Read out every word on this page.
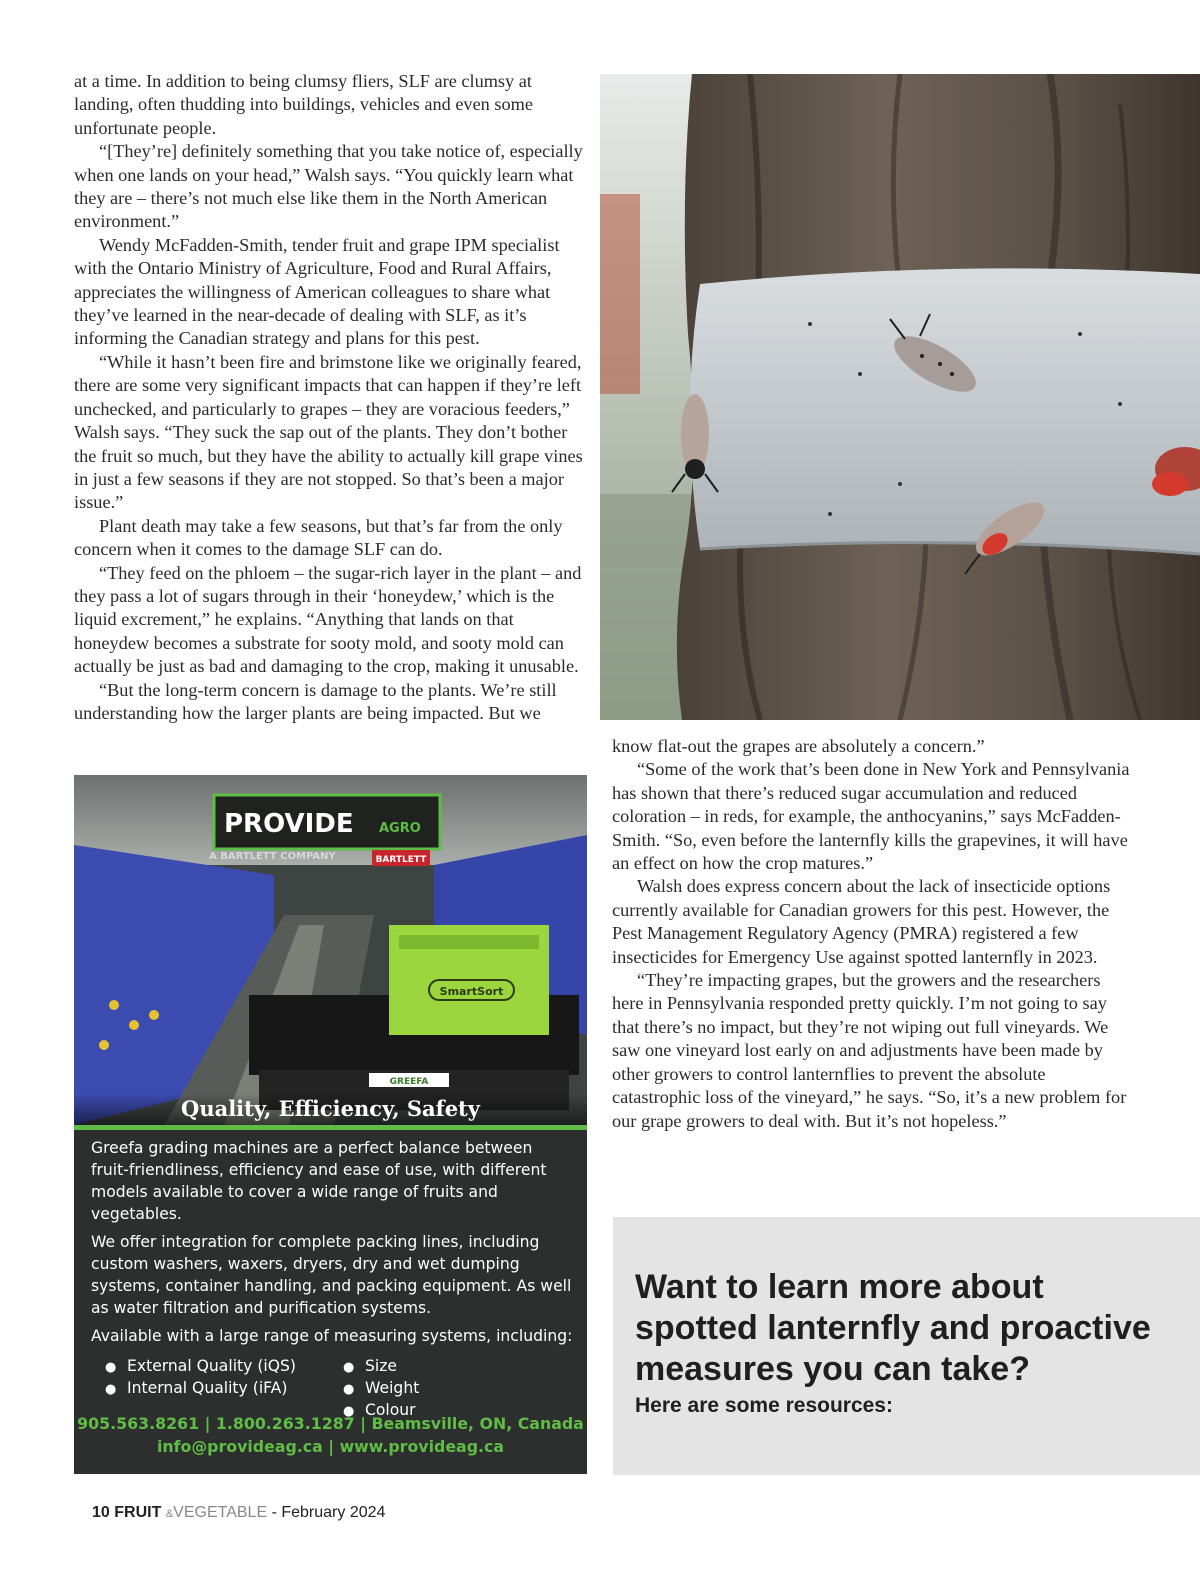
at a time. In addition to being clumsy fliers, SLF are clumsy at landing, often thudding into buildings, vehicles and even some unfortunate people.

“[They’re] definitely something that you take notice of, especially when one lands on your head,” Walsh says. “You quickly learn what they are – there’s not much else like them in the North American environment.”

Wendy McFadden-Smith, tender fruit and grape IPM specialist with the Ontario Ministry of Agriculture, Food and Rural Affairs, appreciates the willingness of American colleagues to share what they’ve learned in the near-decade of dealing with SLF, as it’s informing the Canadian strategy and plans for this pest.

“While it hasn’t been fire and brimstone like we originally feared, there are some very significant impacts that can happen if they’re left unchecked, and particularly to grapes – they are voracious feeders,” Walsh says. “They suck the sap out of the plants. They don’t bother the fruit so much, but they have the ability to actually kill grape vines in just a few seasons if they are not stopped. So that’s been a major issue.”

Plant death may take a few seasons, but that’s far from the only concern when it comes to the damage SLF can do.

“They feed on the phloem – the sugar-rich layer in the plant – and they pass a lot of sugars through in their ‘honeydew,’ which is the liquid excrement,” he explains. “Anything that lands on that honeydew becomes a substrate for sooty mold, and sooty mold can actually be just as bad and damaging to the crop, making it unusable.

“But the long-term concern is damage to the plants. We’re still understanding how the larger plants are being impacted. But we

know flat-out the grapes are absolutely a concern.”

“Some of the work that’s been done in New York and Pennsylvania has shown that there’s reduced sugar accumulation and reduced coloration – in reds, for example, the anthocyanins,” says McFadden-Smith. “So, even before the lanternfly kills the grapevines, it will have an effect on how the crop matures.”

Walsh does express concern about the lack of insecticide options currently available for Canadian growers for this pest. However, the Pest Management Regulatory Agency (PMRA) registered a few insecticides for Emergency Use against spotted lanternfly in 2023.

“They’re impacting grapes, but the growers and the researchers here in Pennsylvania responded pretty quickly. I’m not going to say that there’s no impact, but they’re not wiping out full vineyards. We saw one vineyard lost early on and adjustments have been made by other growers to control lanternflies to prevent the absolute catastrophic loss of the vineyard,” he says. “So, it’s a new problem for our grape growers to deal with. But it’s not hopeless.”

SmartSort
GREEFA
PROVIDE AGRO
A BARTLETT COMPANY	BARTLETT
Quality, Efficiency, Safety

Greefa grading machines are a perfect balance between fruit-friendliness, efficiency and ease of use, with different models available to cover a wide range of fruits and vegetables.

We offer integration for complete packing lines, including custom washers, waxers, dryers, dry and wet dumping systems, container handling, and packing equipment. As well as water filtration and purification systems.

Available with a large range of measuring systems, including:

● External Quality (iQS)
● Internal Quality (iFA)
● Size
● Weight
● Colour
905.563.8261 | 1.800.263.1287 | Beamsville, ON, Canada
info@provideag.ca | www.provideag.ca
Want to learn more about spotted lanternfly and proactive measures you can take?

Here are some resources:

10 FRUIT &VEGETABLE - February 2024
